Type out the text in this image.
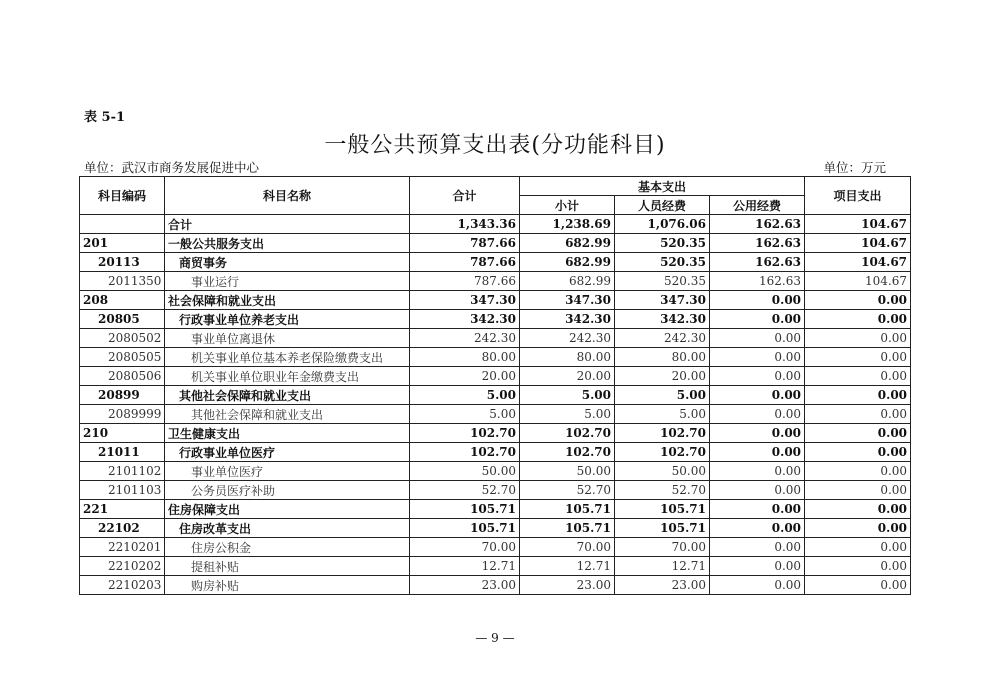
表 5-1
一般公共预算支出表(分功能科目)
单位：武汉市商务发展促进中心	单位：万元
科目编码	科目名称	合计	基本支出			项目支出
			小计	人员经费	公用经费	
	合计	1,343.36	1,238.69	1,076.06	162.63	104.67
201	一般公共服务支出	787.66	682.99	520.35	162.63	104.67
20113	商贸事务	787.66	682.99	520.35	162.63	104.67
2011350	事业运行	787.66	682.99	520.35	162.63	104.67
208	社会保障和就业支出	347.30	347.30	347.30	0.00	0.00
20805	行政事业单位养老支出	342.30	342.30	342.30	0.00	0.00
2080502	事业单位离退休	242.30	242.30	242.30	0.00	0.00
2080505	机关事业单位基本养老保险缴费支出	80.00	80.00	80.00	0.00	0.00
2080506	机关事业单位职业年金缴费支出	20.00	20.00	20.00	0.00	0.00
20899	其他社会保障和就业支出	5.00	5.00	5.00	0.00	0.00
2089999	其他社会保障和就业支出	5.00	5.00	5.00	0.00	0.00
210	卫生健康支出	102.70	102.70	102.70	0.00	0.00
21011	行政事业单位医疗	102.70	102.70	102.70	0.00	0.00
2101102	事业单位医疗	50.00	50.00	50.00	0.00	0.00
2101103	公务员医疗补助	52.70	52.70	52.70	0.00	0.00
221	住房保障支出	105.71	105.71	105.71	0.00	0.00
22102	住房改革支出	105.71	105.71	105.71	0.00	0.00
2210201	住房公积金	70.00	70.00	70.00	0.00	0.00
2210202	提租补贴	12.71	12.71	12.71	0.00	0.00
2210203	购房补贴	23.00	23.00	23.00	0.00	0.00
— 9 —
